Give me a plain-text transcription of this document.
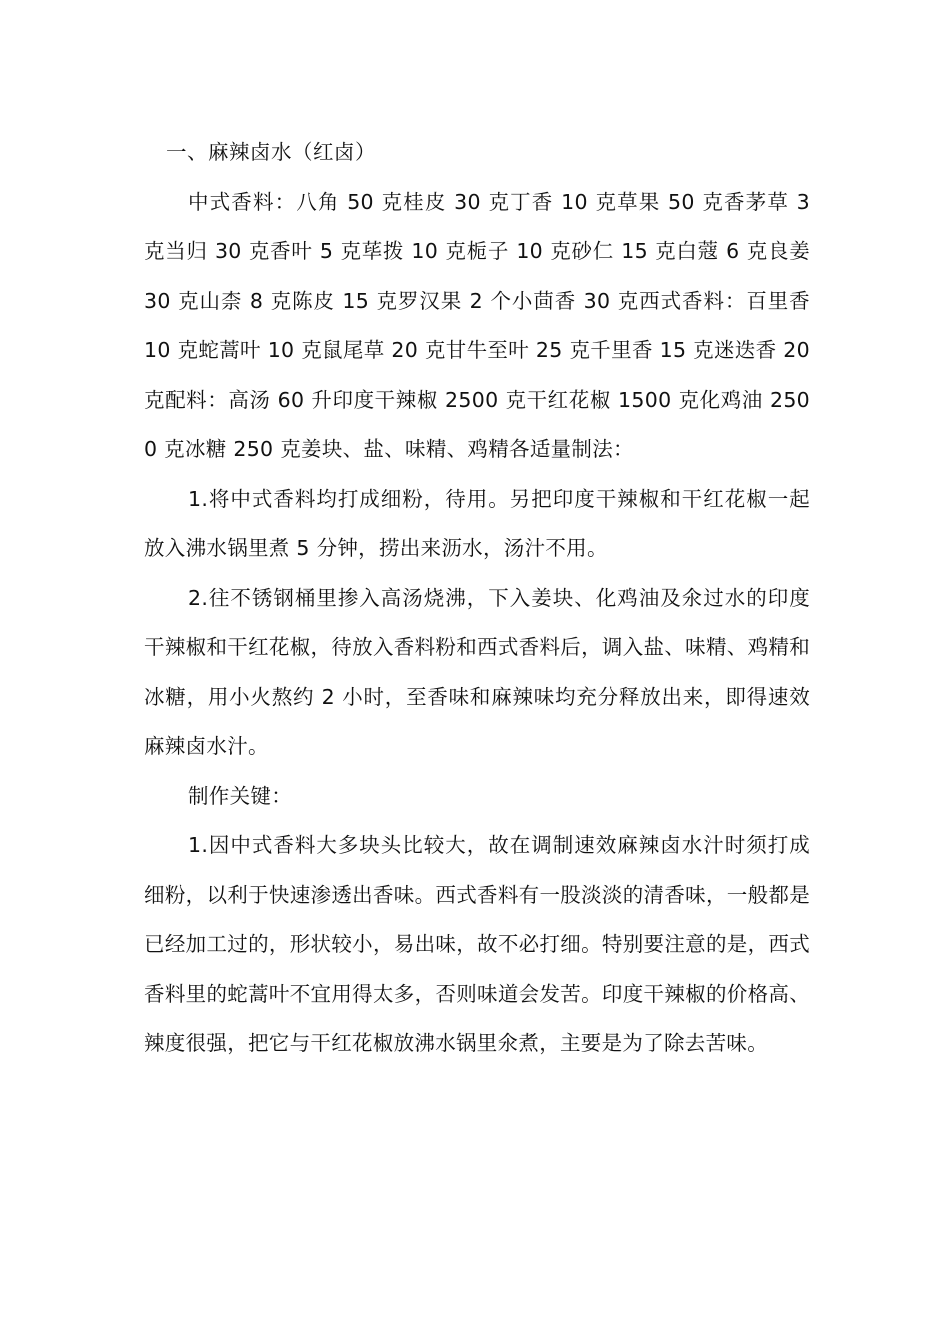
一、麻辣卤水（红卤）

中式香料：八角 50 克桂皮 30 克丁香 10 克草果 50 克香茅草 3 克当归 30 克香叶 5 克荜拨 10 克栀子 10 克砂仁 15 克白蔻 6 克良姜 30 克山柰 8 克陈皮 15 克罗汉果 2 个小茴香 30 克西式香料：百里香 10 克蛇蒿叶 10 克鼠尾草 20 克甘牛至叶 25 克千里香 15 克迷迭香 20 克配料：高汤 60 升印度干辣椒 2500 克干红花椒 1500 克化鸡油 2500 克冰糖 250 克姜块、盐、味精、鸡精各适量制法：

1.将中式香料均打成细粉，待用。另把印度干辣椒和干红花椒一起放入沸水锅里煮 5 分钟，捞出来沥水，汤汁不用。

2.往不锈钢桶里掺入高汤烧沸，下入姜块、化鸡油及氽过水的印度干辣椒和干红花椒，待放入香料粉和西式香料后，调入盐、味精、鸡精和冰糖，用小火熬约 2 小时，至香味和麻辣味均充分释放出来，即得速效麻辣卤水汁。

制作关键：

1.因中式香料大多块头比较大，故在调制速效麻辣卤水汁时须打成细粉，以利于快速渗透出香味。西式香料有一股淡淡的清香味，一般都是已经加工过的，形状较小，易出味，故不必打细。特别要注意的是，西式香料里的蛇蒿叶不宜用得太多，否则味道会发苦。印度干辣椒的价格高、辣度很强，把它与干红花椒放沸水锅里氽煮，主要是为了除去苦味。
